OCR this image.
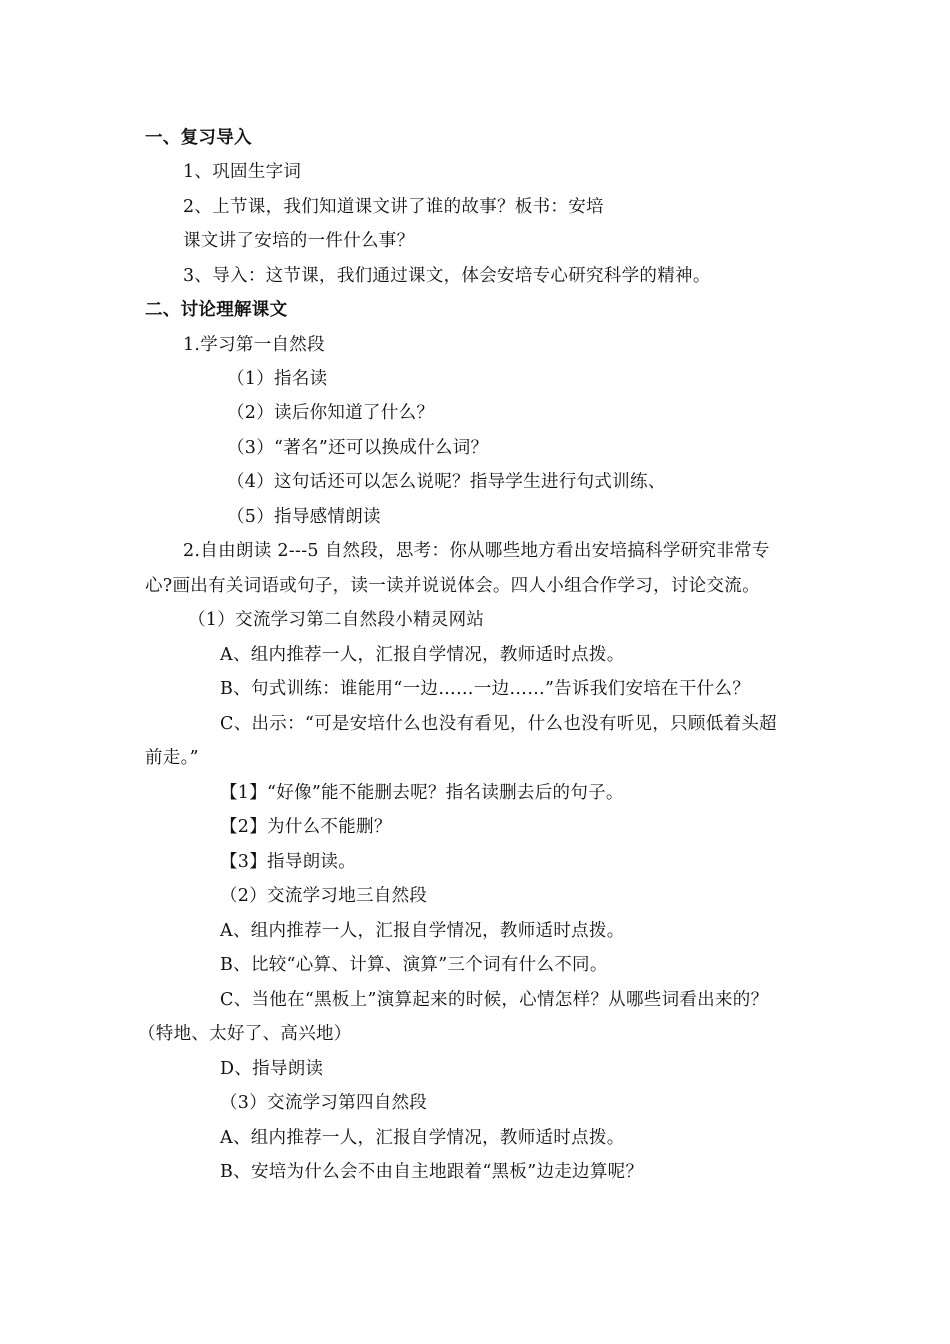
一、复习导入
1、巩固生字词
2、上节课，我们知道课文讲了谁的故事？板书：安培
课文讲了安培的一件什么事？
3、导入：这节课，我们通过课文，体会安培专心研究科学的精神。
二、讨论理解课文
1.学习第一自然段
（1）指名读
（2）读后你知道了什么？
（3）“著名”还可以换成什么词？
（4）这句话还可以怎么说呢？指导学生进行句式训练、
（5）指导感情朗读
2.自由朗读 2---5 自然段，思考：你从哪些地方看出安培搞科学研究非常专
心?画出有关词语或句子，读一读并说说体会。四人小组合作学习，讨论交流。
（1）交流学习第二自然段小精灵网站
A、组内推荐一人，汇报自学情况，教师适时点拨。
B、句式训练：谁能用“一边……一边……”告诉我们安培在干什么？
C、出示：“可是安培什么也没有看见，什么也没有听见，只顾低着头超
前走。”
【1】“好像”能不能删去呢？指名读删去后的句子。
【2】为什么不能删？
【3】指导朗读。
（2）交流学习地三自然段
A、组内推荐一人，汇报自学情况，教师适时点拨。
B、比较“心算、计算、演算”三个词有什么不同。
C、当他在“黑板上”演算起来的时候，心情怎样？从哪些词看出来的？
（特地、太好了、高兴地）
D、指导朗读
（3）交流学习第四自然段
A、组内推荐一人，汇报自学情况，教师适时点拨。
B、安培为什么会不由自主地跟着“黑板”边走边算呢？
